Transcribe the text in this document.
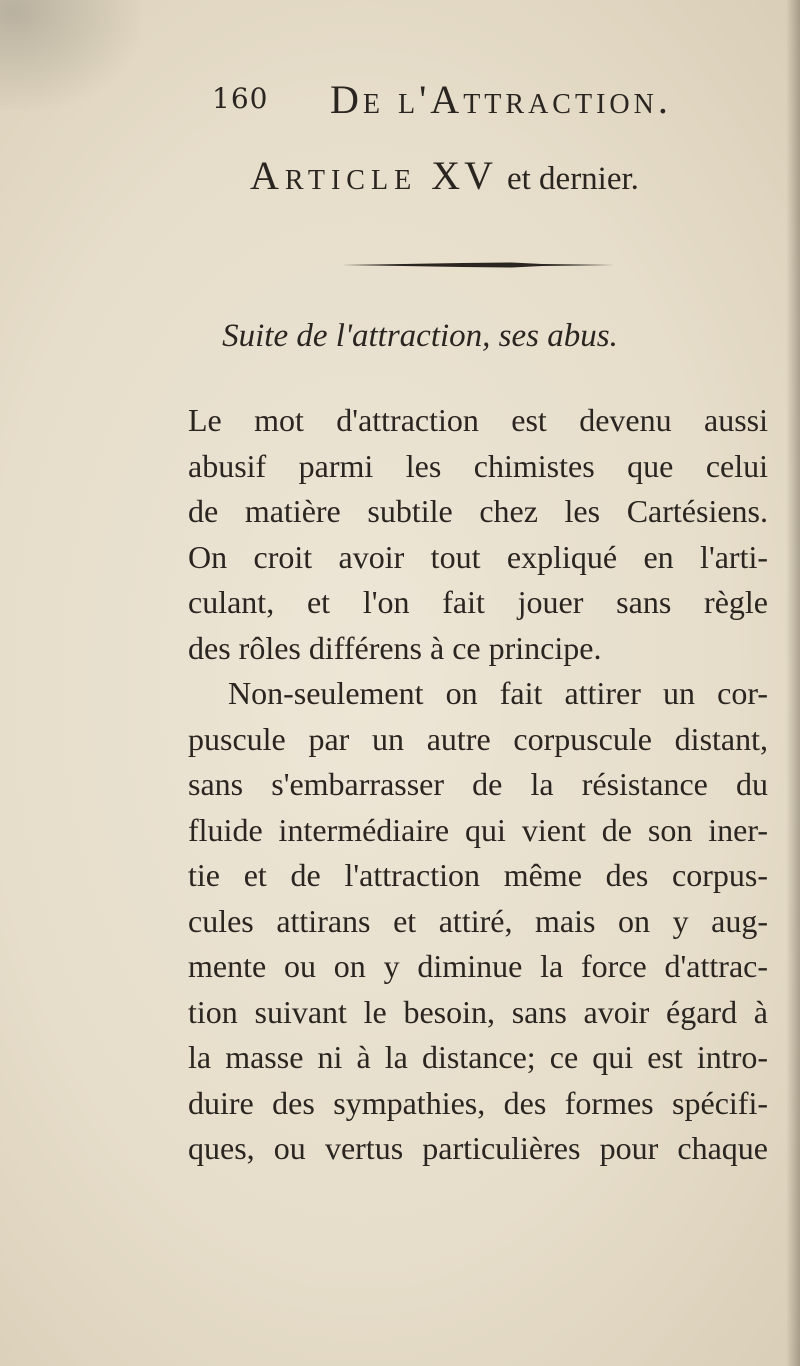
160 De l'Attraction.
Article XV et dernier.
Suite de l'attraction, ses abus.
Le mot d'attraction est devenu aussi
abusif parmi les chimistes que celui
de matière subtile chez les Cartésiens.
On croit avoir tout expliqué en l'arti-
culant, et l'on fait jouer sans règle
des rôles différens à ce principe.
Non-seulement on fait attirer un cor-
puscule par un autre corpuscule distant,
sans s'embarrasser de la résistance du
fluide intermédiaire qui vient de son iner-
tie et de l'attraction même des corpus-
cules attirans et attiré, mais on y aug-
mente ou on y diminue la force d'attrac-
tion suivant le besoin, sans avoir égard à
la masse ni à la distance; ce qui est intro-
duire des sympathies, des formes spécifi-
ques, ou vertus particulières pour chaque
